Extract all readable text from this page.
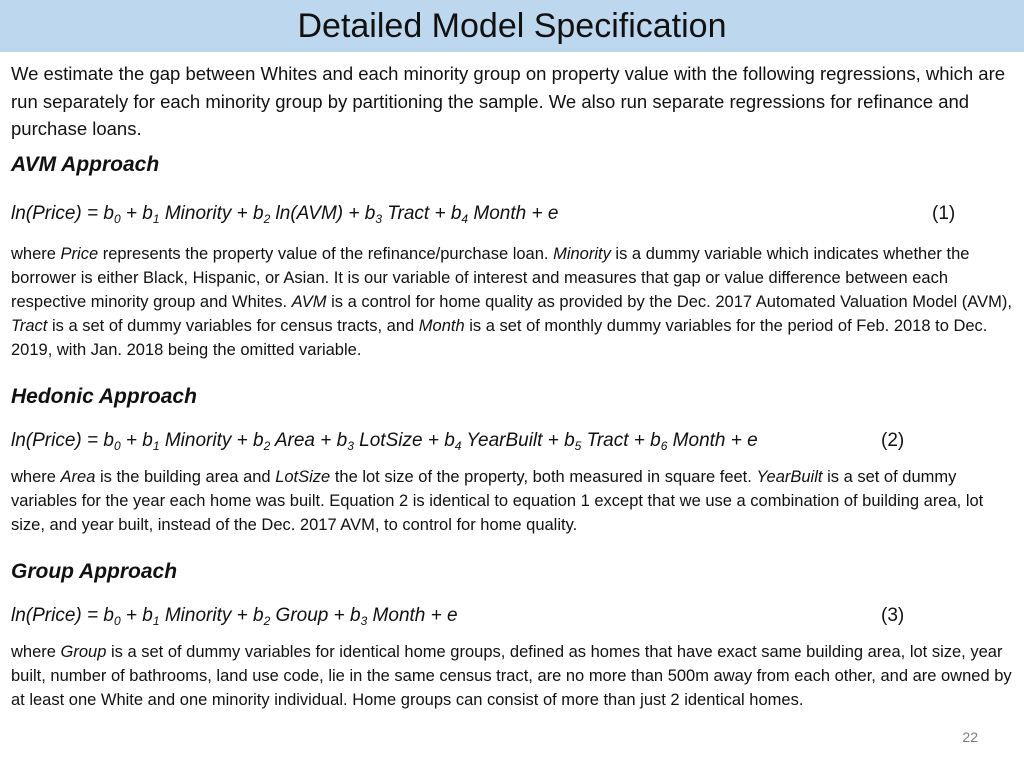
Detailed Model Specification

We estimate the gap between Whites and each minority group on property value with the following regressions, which are run separately for each minority group by partitioning the sample. We also run separate regressions for refinance and purchase loans.

AVM Approach
ln(Price) = $b_0 + b_1$ Minority + $b_2$ $\ln(AVM) + b_3$ Tract + $b_4$ Month + e	(1)

where Price represents the property value of the refinance/purchase loan. Minority is a dummy variable which indicates whether the borrower is either Black, Hispanic, or Asian. It is our variable of interest and measures that gap or value difference between each respective minority group and Whites. AVM is a control for home quality as provided by the Dec. 2017 Automated Valuation Model (AVM), Tract is a set of dummy variables for census tracts, and Month is a set of monthly dummy variables for the period of Feb. 2018 to Dec. 2019, with Jan. 2018 being the omitted variable.

Hedonic Approach
ln(Price) = $b_0 + b_1$ Minority + $b_2$ Area + $b_3$ LotSize + $b_4$ YearBuilt + $b_5$ Tract + $b_6$ Month + e	(2)

where Area is the building area and LotSize the lot size of the property, both measured in square feet. YearBuilt is a set of dummy variables for the year each home was built. Equation 2 is identical to equation 1 except that we use a combination of building area, lot size, and year built, instead of the Dec. 2017 AVM, to control for home quality.

Group Approach
ln(Price) = $b_0 + b_1$ Minority + $b_2$ Group + $b_3$ Month + e	(3)

where Group is a set of dummy variables for identical home groups, defined as homes that have exact same building area, lot size, year built, number of bathrooms, land use code, lie in the same census tract, are no more than 500m away from each other, and are owned by at least one White and one minority individual. Home groups can consist of more than just 2 identical homes.

22
